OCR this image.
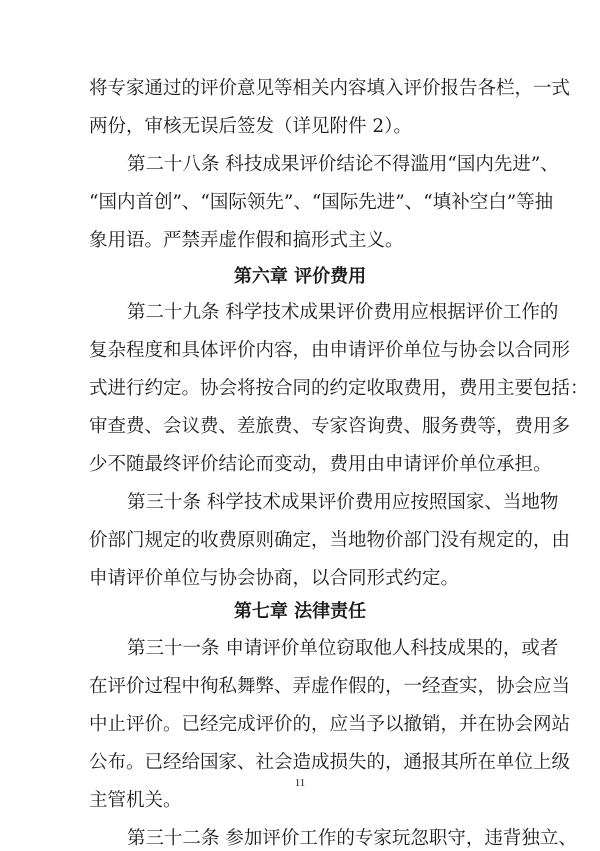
将专家通过的评价意见等相关内容填入评价报告各栏，一式
两份，审核无误后签发（详见附件 2）。
第二十八条 科技成果评价结论不得滥用“国内先进”、
“国内首创”、“国际领先”、“国际先进”、“填补空白”等抽
象用语。严禁弄虚作假和搞形式主义。
第六章 评价费用
第二十九条 科学技术成果评价费用应根据评价工作的
复杂程度和具体评价内容，由申请评价单位与协会以合同形
式进行约定。协会将按合同的约定收取费用，费用主要包括：
审查费、会议费、差旅费、专家咨询费、服务费等，费用多
少不随最终评价结论而变动，费用由申请评价单位承担。
第三十条 科学技术成果评价费用应按照国家、当地物
价部门规定的收费原则确定，当地物价部门没有规定的，由
申请评价单位与协会协商，以合同形式约定。
第七章 法律责任
第三十一条 申请评价单位窃取他人科技成果的，或者
在评价过程中徇私舞弊、弄虚作假的，一经查实，协会应当
中止评价。已经完成评价的，应当予以撤销，并在协会网站
公布。已经给国家、社会造成损失的，通报其所在单位上级
主管机关。
第三十二条 参加评价工作的专家玩忽职守，违背独立、
11
